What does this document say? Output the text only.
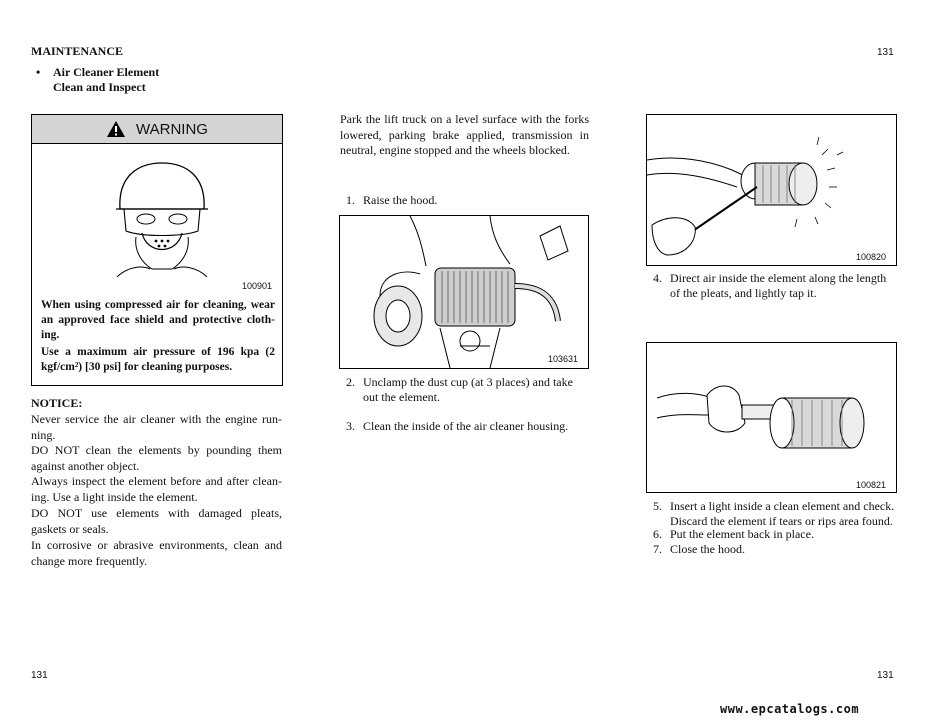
MAINTENANCE	131
• Air Cleaner Element
Clean and Inspect
WARNING
100901
When using compressed air for cleaning, wear an approved face shield and protective cloth-ing.
Use a maximum air pressure of 196 kpa (2 kgf/cm²) [30 psi] for cleaning purposes.
NOTICE:
Never service the air cleaner with the engine run-ning.
DO NOT clean the elements by pounding them against another object.
Always inspect the element before and after clean-ing. Use a light inside the element.
DO NOT use elements with damaged pleats, gaskets or seals.
In corrosive or abrasive environments, clean and change more frequently.
Park the lift truck on a level surface with the forks lowered, parking brake applied, transmission in neutral, engine stopped and the wheels blocked.
1. Raise the hood.
103631
2. Unclamp the dust cup (at 3 places) and take out the element.
3. Clean the inside of the air cleaner housing.
100820
4. Direct air inside the element along the length of the pleats, and lightly tap it.
100821
5. Insert a light inside a clean element and check. Discard the element if tears or rips area found.
6. Put the element back in place.
7. Close the hood.
131	131
www.epcatalogs.com
